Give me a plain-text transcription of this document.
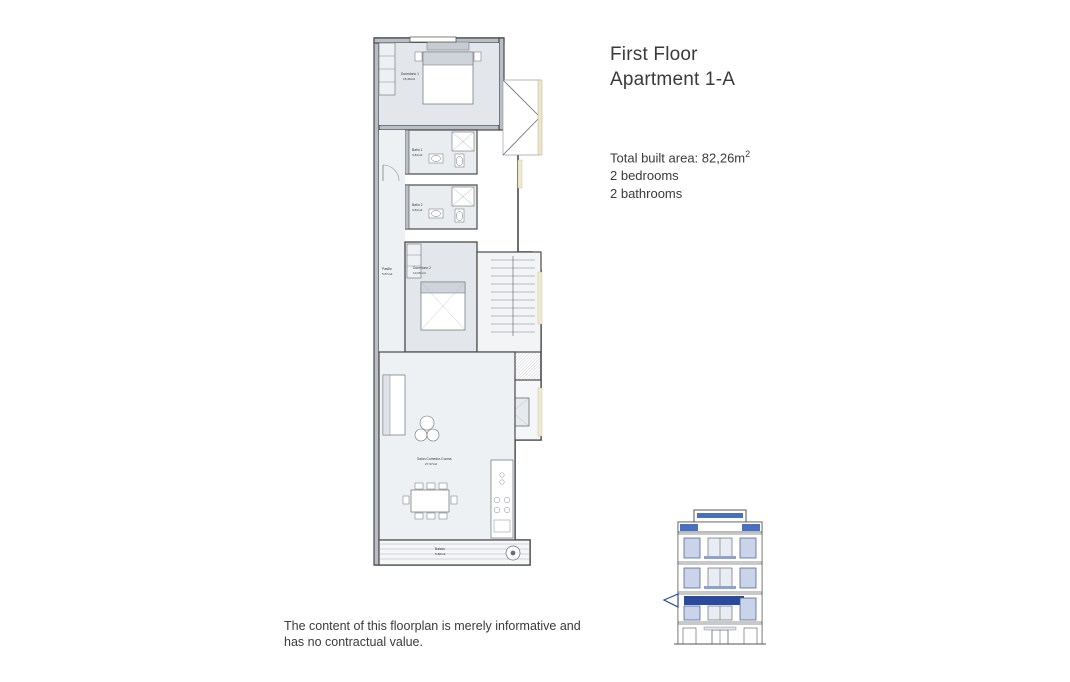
First Floor
Apartment 1-A
Total built area: $82,26m^2$
2 bedrooms
2 bathrooms
The content of this floorplan is merely informative and
has no contractual value.
Dormitorio 1
15,40m2
Baño 1
3,81m2
Baño 2
3,81m2
Pasillo
5,87m2
Dormitorio 2
10,25 m2
Salón-Comedor-Cocina
27,97m2
Balcón
5,68m2
